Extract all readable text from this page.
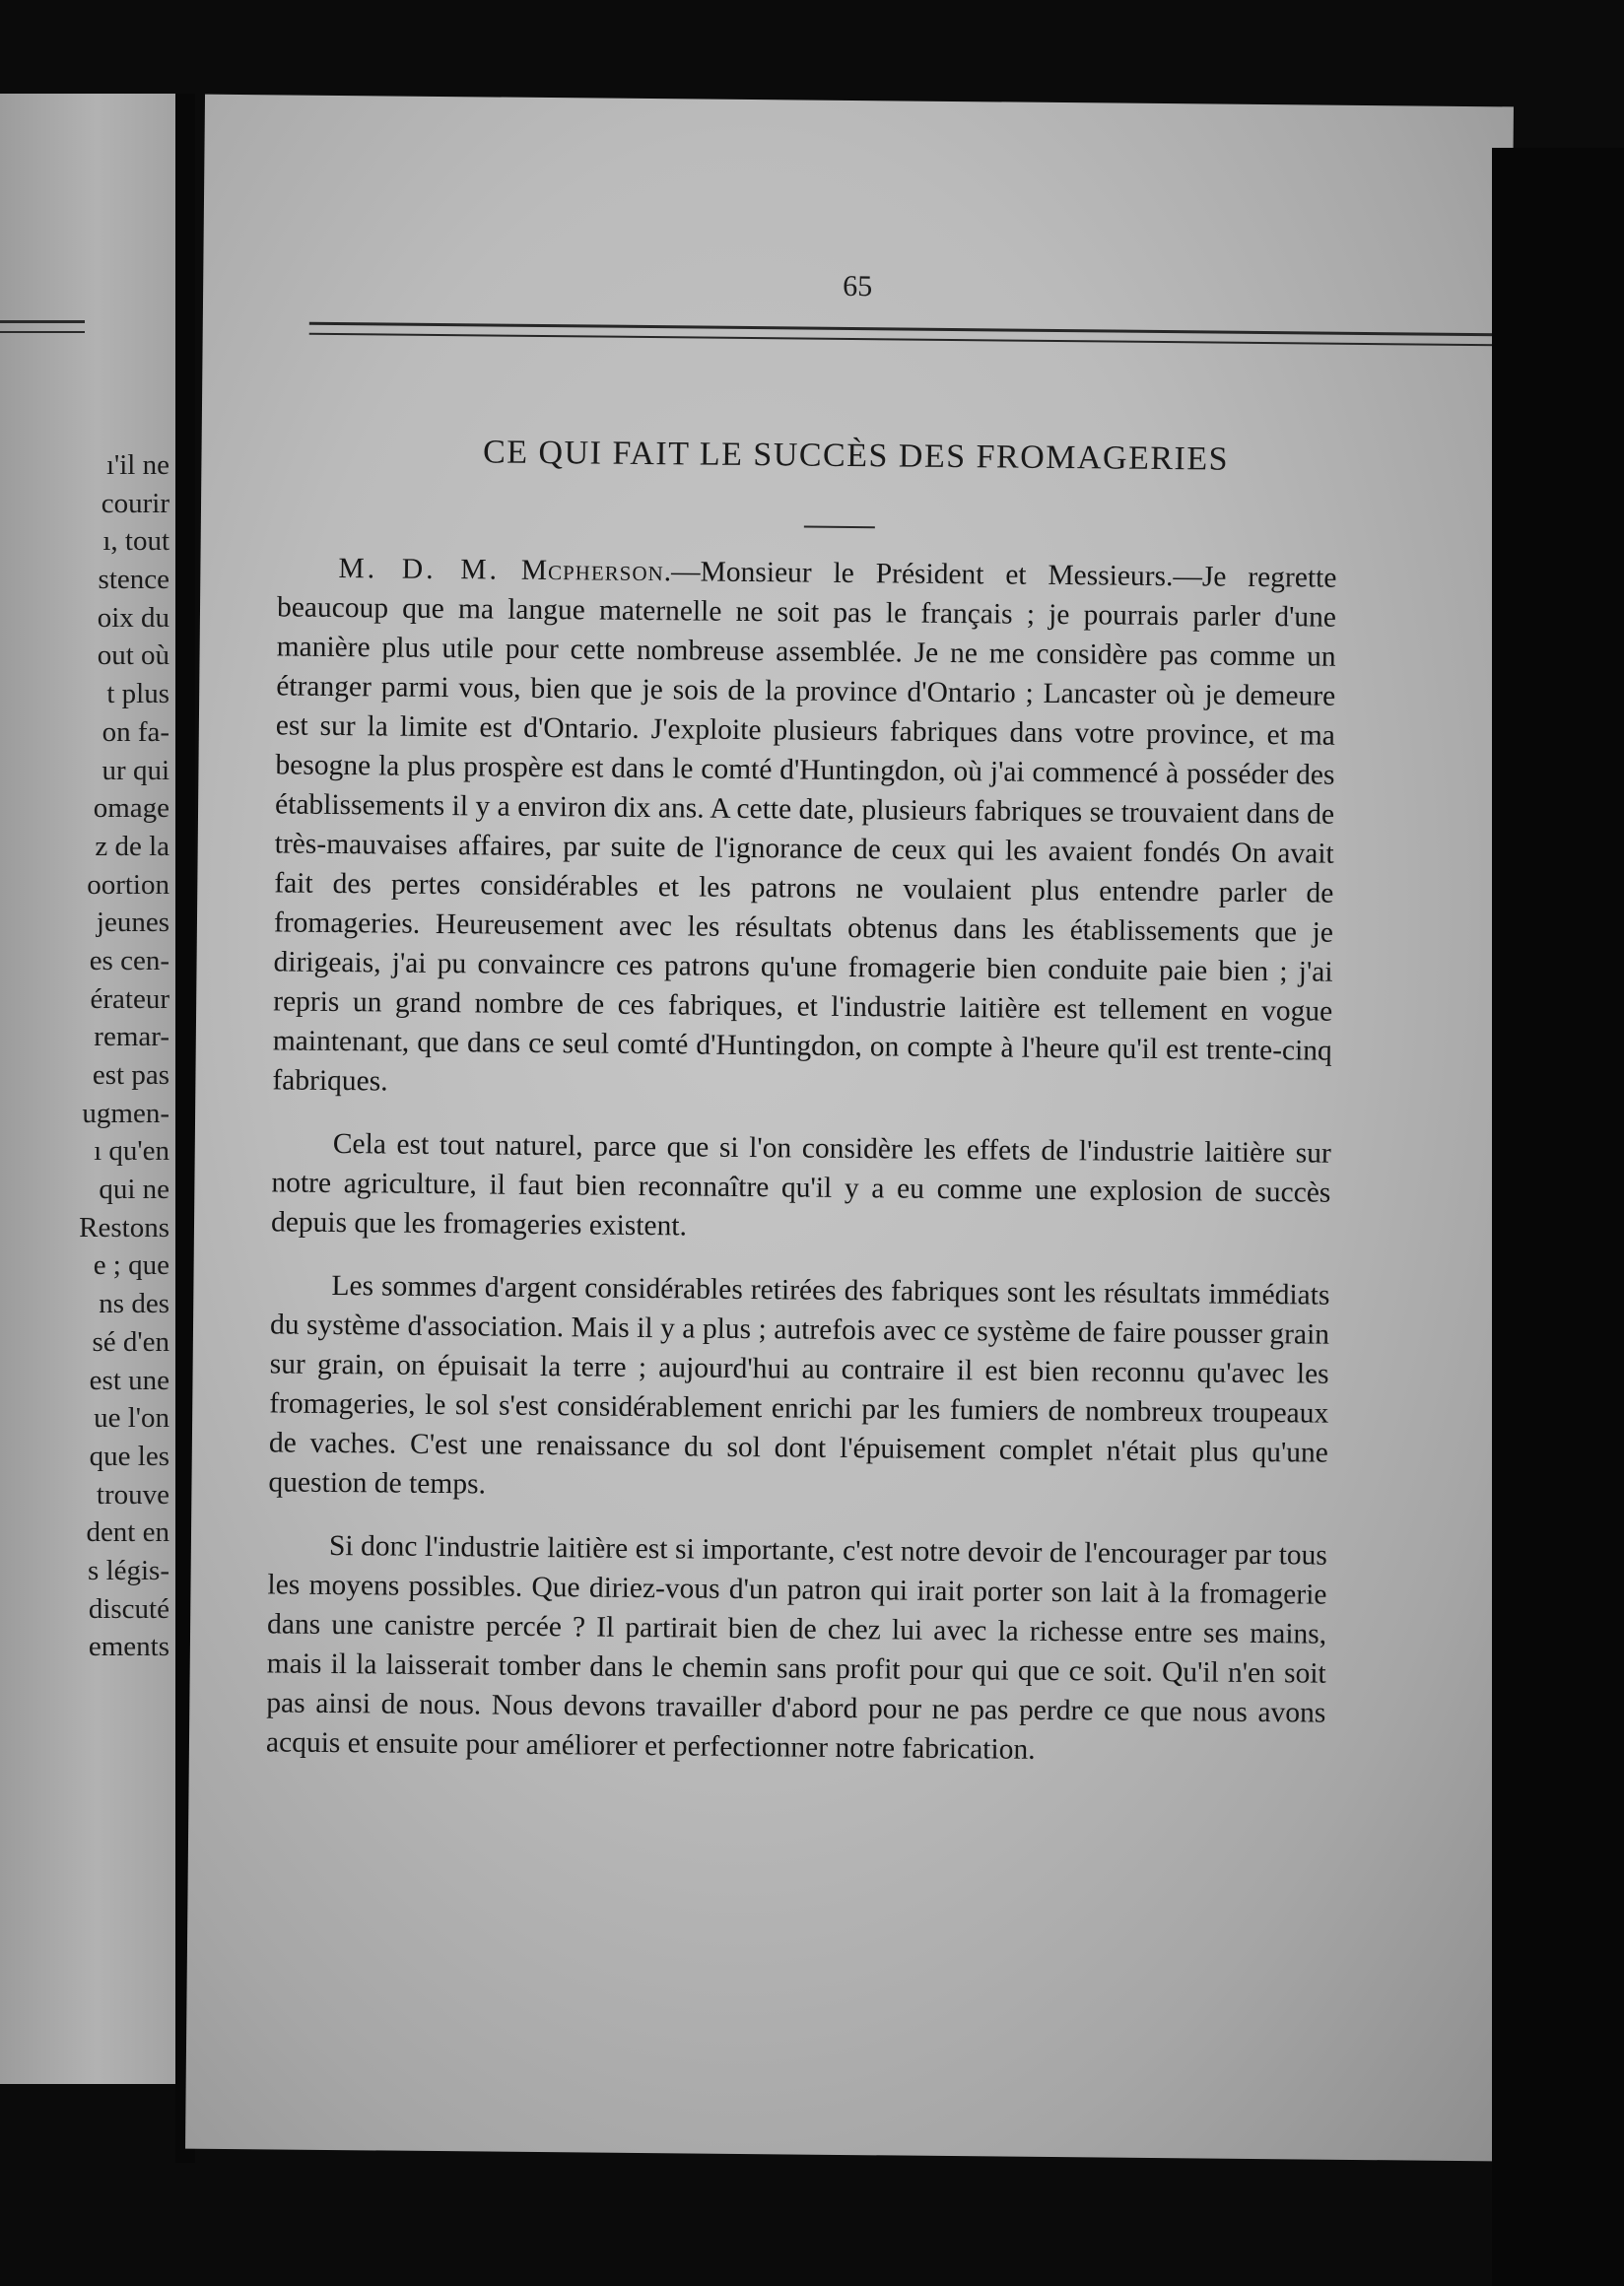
ı'il ne
courir
ı, tout
stence
oix du
out où
t plus
on fa-
ur qui
omage
z de la
oortion
jeunes
es cen-
érateur
remar-
est pas
ugmen-
ı qu'en
qui ne
Restons
e ; que
ns des
sé d'en
est une
ue l'on
que les
trouve
dent en
s légis-
discuté
ements
65
CE QUI FAIT LE SUCCÈS DES FROMAGERIES

M. D. M. Mcpherson.—Monsieur le Président et Messieurs.—Je regrette beaucoup que ma langue maternelle ne soit pas le français ; je pourrais parler d'une manière plus utile pour cette nombreuse assemblée. Je ne me considère pas comme un étranger parmi vous, bien que je sois de la province d'Ontario ; Lancaster où je demeure est sur la limite est d'Ontario. J'exploite plusieurs fabriques dans votre province, et ma besogne la plus prospère est dans le comté d'Huntingdon, où j'ai commencé à posséder des établissements il y a environ dix ans. A cette date, plusieurs fabriques se trouvaient dans de très-mauvaises affaires, par suite de l'ignorance de ceux qui les avaient fondés On avait fait des pertes considérables et les patrons ne voulaient plus entendre parler de fromageries. Heureusement avec les résultats obtenus dans les établissements que je dirigeais, j'ai pu convaincre ces patrons qu'une fromagerie bien conduite paie bien ; j'ai repris un grand nombre de ces fabriques, et l'industrie laitière est tellement en vogue maintenant, que dans ce seul comté d'Huntingdon, on compte à l'heure qu'il est trente-cinq fabriques.

Cela est tout naturel, parce que si l'on considère les effets de l'industrie laitière sur notre agriculture, il faut bien reconnaître qu'il y a eu comme une explosion de succès depuis que les fromageries existent.

Les sommes d'argent considérables retirées des fabriques sont les résultats immédiats du système d'association. Mais il y a plus ; autrefois avec ce système de faire pousser grain sur grain, on épuisait la terre ; aujourd'hui au contraire il est bien reconnu qu'avec les fromageries, le sol s'est considérablement enrichi par les fumiers de nombreux troupeaux de vaches. C'est une renaissance du sol dont l'épuisement complet n'était plus qu'une question de temps.

Si donc l'industrie laitière est si importante, c'est notre devoir de l'encourager par tous les moyens possibles. Que diriez-vous d'un patron qui irait porter son lait à la fromagerie dans une canistre percée ? Il partirait bien de chez lui avec la richesse entre ses mains, mais il la laisserait tomber dans le chemin sans profit pour qui que ce soit. Qu'il n'en soit pas ainsi de nous. Nous devons travailler d'abord pour ne pas perdre ce que nous avons acquis et ensuite pour améliorer et perfectionner notre fabrication.
